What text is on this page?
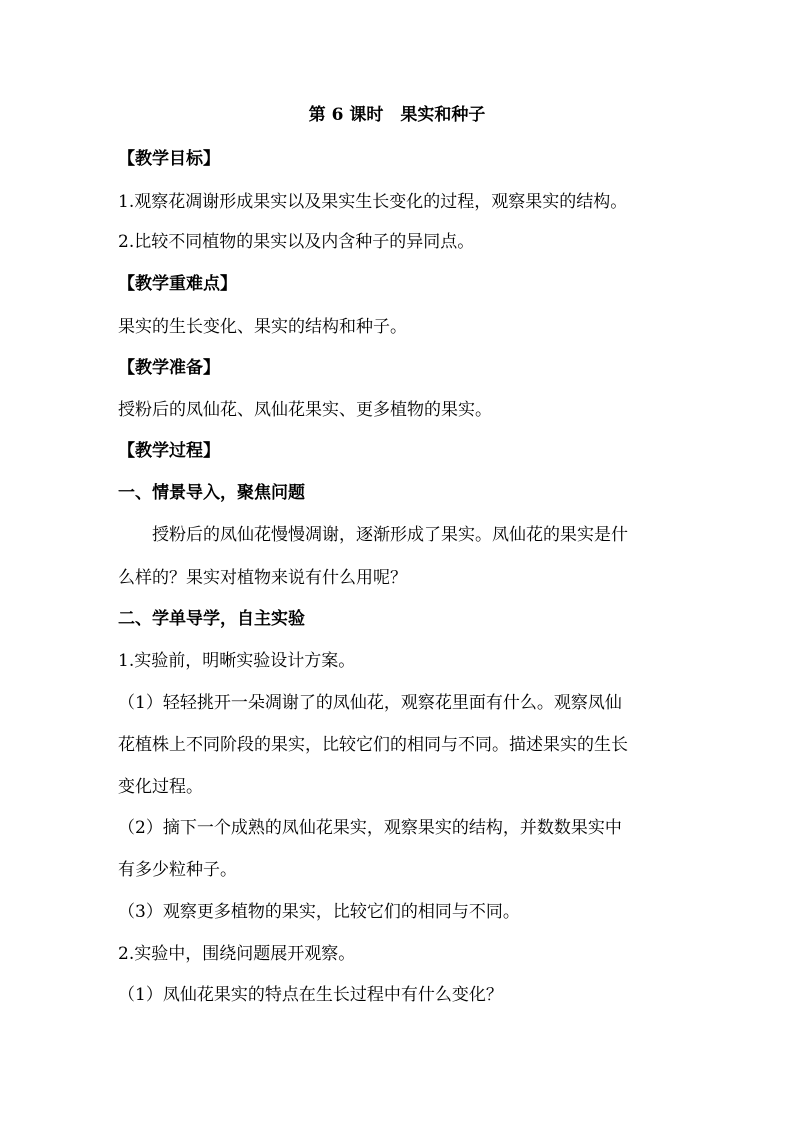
第 6 课时　果实和种子
【教学目标】
1.观察花凋谢形成果实以及果实生长变化的过程，观察果实的结构。
2.比较不同植物的果实以及内含种子的异同点。
【教学重难点】
果实的生长变化、果实的结构和种子。
【教学准备】
授粉后的凤仙花、凤仙花果实、更多植物的果实。
【教学过程】
一、情景导入，聚焦问题
　　授粉后的凤仙花慢慢凋谢，逐渐形成了果实。凤仙花的果实是什
么样的？果实对植物来说有什么用呢？
二、学单导学，自主实验
1.实验前，明晰实验设计方案。
（1）轻轻挑开一朵凋谢了的凤仙花，观察花里面有什么。观察凤仙
花植株上不同阶段的果实，比较它们的相同与不同。描述果实的生长
变化过程。
（2）摘下一个成熟的凤仙花果实，观察果实的结构，并数数果实中
有多少粒种子。
（3）观察更多植物的果实，比较它们的相同与不同。
2.实验中，围绕问题展开观察。
（1）凤仙花果实的特点在生长过程中有什么变化？
